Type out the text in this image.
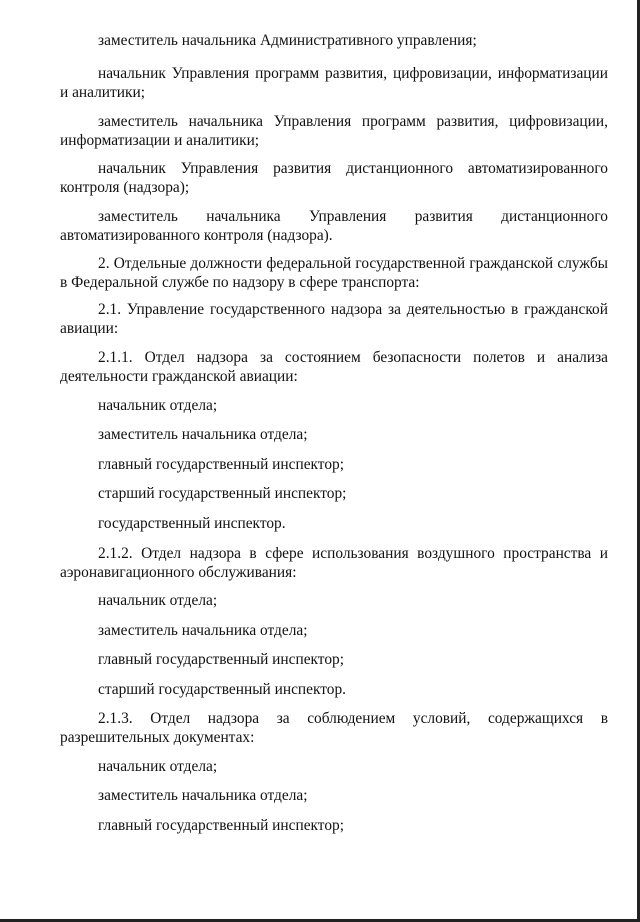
заместитель начальника Административного управления;

начальник Управления программ развития, цифровизации, информатизации и аналитики;

заместитель начальника Управления программ развития, цифровизации, информатизации и аналитики;

начальник Управления развития дистанционного автоматизированного контроля (надзора);

заместитель начальника Управления развития дистанционного автоматизированного контроля (надзора).

2. Отдельные должности федеральной государственной гражданской службы в Федеральной службе по надзору в сфере транспорта:

2.1. Управление государственного надзора за деятельностью в гражданской авиации:

2.1.1. Отдел надзора за состоянием безопасности полетов и анализа деятельности гражданской авиации:

начальник отдела;

заместитель начальника отдела;

главный государственный инспектор;

старший государственный инспектор;

государственный инспектор.

2.1.2. Отдел надзора в сфере использования воздушного пространства и аэронавигационного обслуживания:

начальник отдела;

заместитель начальника отдела;

главный государственный инспектор;

старший государственный инспектор.

2.1.3. Отдел надзора за соблюдением условий, содержащихся в разрешительных документах:

начальник отдела;

заместитель начальника отдела;

главный государственный инспектор;
